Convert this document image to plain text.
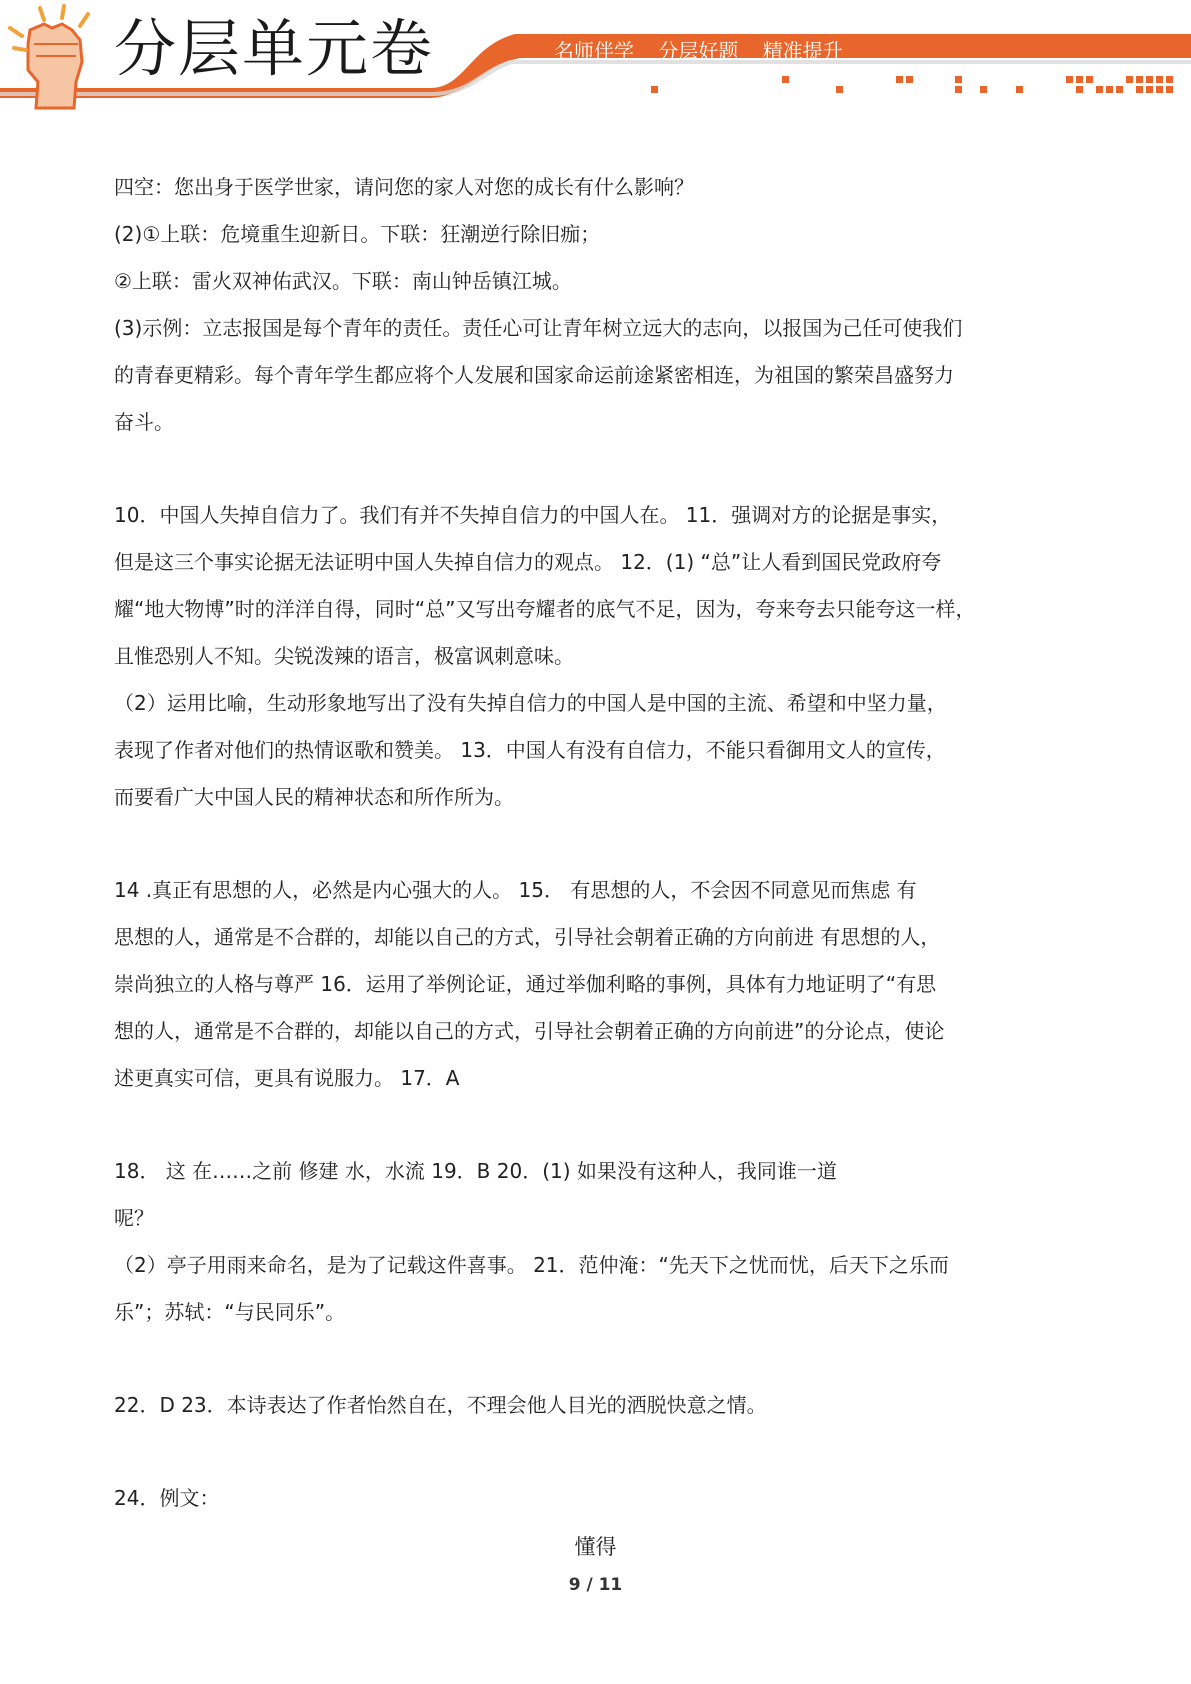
分层单元卷	名师伴学 分层好题 精准提升
四空：您出身于医学世家，请问您的家人对您的成长有什么影响？
(2)①上联：危境重生迎新日。下联：狂潮逆行除旧痂；
②上联：雷火双神佑武汉。下联：南山钟岳镇江城。
(3)示例：立志报国是每个青年的责任。责任心可让青年树立远大的志向，以报国为己任可使我们
的青春更精彩。每个青年学生都应将个人发展和国家命运前途紧密相连，为祖国的繁荣昌盛努力
奋斗。
10．中国人失掉自信力了。我们有并不失掉自信力的中国人在。 11．强调对方的论据是事实，
但是这三个事实论据无法证明中国人失掉自信力的观点。 12．(1) “总”让人看到国民党政府夸
耀“地大物博”时的洋洋自得，同时“总”又写出夸耀者的底气不足，因为，夸来夸去只能夸这一样，
且惟恐别人不知。尖锐泼辣的语言，极富讽刺意味。
（2）运用比喻，生动形象地写出了没有失掉自信力的中国人是中国的主流、希望和中坚力量，
表现了作者对他们的热情讴歌和赞美。 13．中国人有没有自信力，不能只看御用文人的宣传，
而要看广大中国人民的精神状态和所作所为。
14 .真正有思想的人，必然是内心强大的人。 15． 有思想的人，不会因不同意见而焦虑 有
思想的人，通常是不合群的，却能以自己的方式，引导社会朝着正确的方向前进 有思想的人，
崇尚独立的人格与尊严 16．运用了举例论证，通过举伽利略的事例，具体有力地证明了“有思
想的人，通常是不合群的，却能以自己的方式，引导社会朝着正确的方向前进”的分论点，使论
述更真实可信，更具有说服力。 17．A
18． 这 在……之前 修建 水，水流 19．B 20．(1) 如果没有这种人，我同谁一道
呢？
（2）亭子用雨来命名，是为了记载这件喜事。 21．范仲淹：“先天下之忧而忧，后天下之乐而
乐”；苏轼：“与民同乐”。
22．D 23．本诗表达了作者怡然自在，不理会他人目光的洒脱快意之情。
24．例文：
懂得
9 / 11
